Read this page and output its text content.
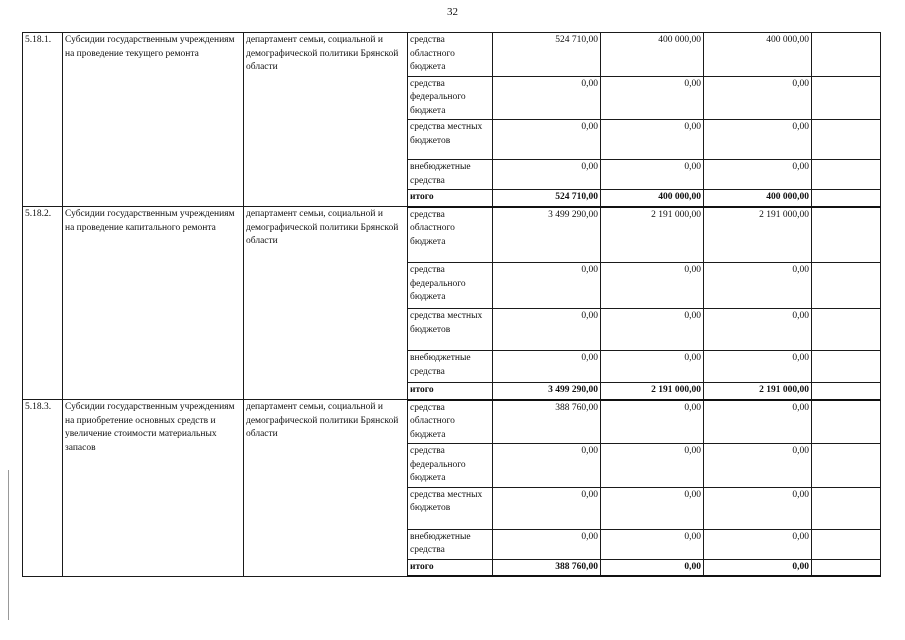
32
5.18.1.	Субсидии государственным учреждениям на проведение текущего ремонта	департамент семьи, социальной и демографической политики Брянской области	средства областного бюджета	524 710,00	400 000,00	400 000,00	
			средства федерального бюджета	0,00	0,00	0,00	
			средства местных бюджетов	0,00	0,00	0,00	
			внебюджетные средства	0,00	0,00	0,00	
			итого	524 710,00	400 000,00	400 000,00	
5.18.2.	Субсидии государственным учреждениям на проведение капитального ремонта	департамент семьи, социальной и демографической политики Брянской области	средства областного бюджета	3 499 290,00	2 191 000,00	2 191 000,00	
			средства федерального бюджета	0,00	0,00	0,00	
			средства местных бюджетов	0,00	0,00	0,00	
			внебюджетные средства	0,00	0,00	0,00	
			итого	3 499 290,00	2 191 000,00	2 191 000,00	
5.18.3.	Субсидии государственным учреждениям на приобретение основных средств и увеличение стоимости материальных запасов	департамент семьи, социальной и демографической политики Брянской области	средства областного бюджета	388 760,00	0,00	0,00	
			средства федерального бюджета	0,00	0,00	0,00	
			средства местных бюджетов	0,00	0,00	0,00	
			внебюджетные средства	0,00	0,00	0,00	
			итого	388 760,00	0,00	0,00	
